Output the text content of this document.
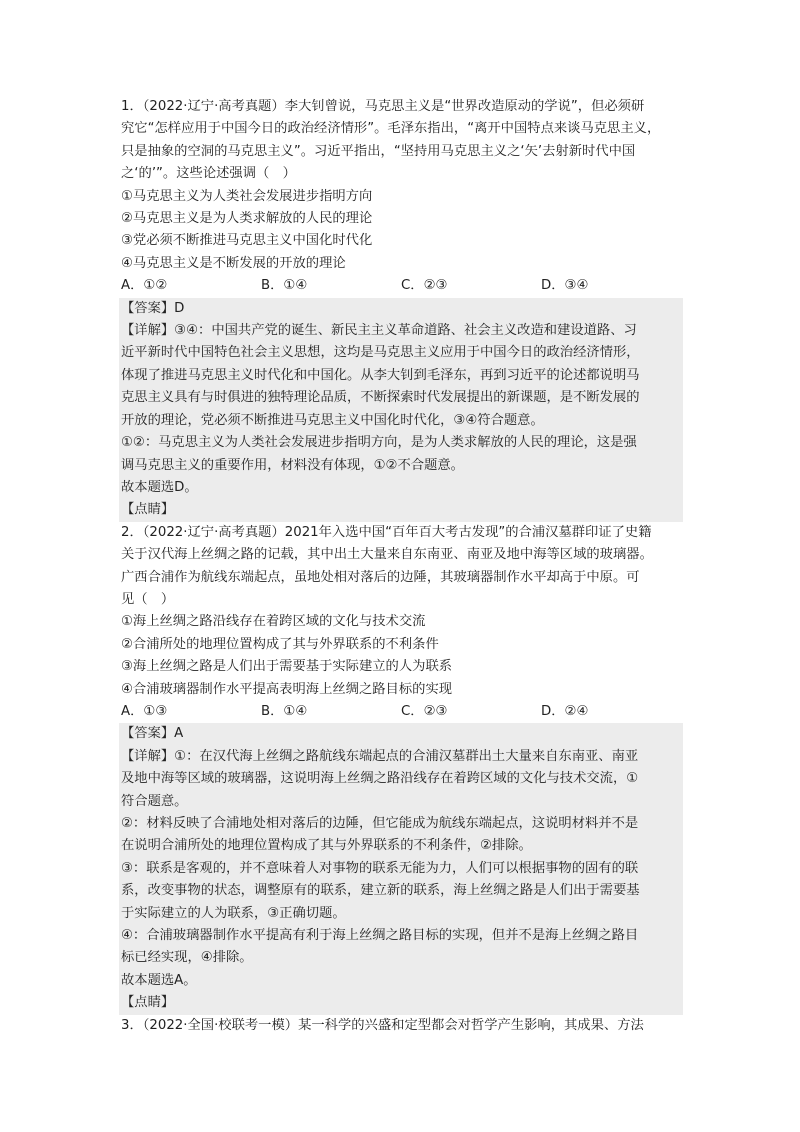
1．（2022·辽宁·高考真题）李大钊曾说，马克思主义是“世界改造原动的学说”，但必须研

究它“怎样应用于中国今日的政治经济情形”。毛泽东指出，“离开中国特点来谈马克思主义，

只是抽象的空洞的马克思主义”。习近平指出，“坚持用马克思主义之‘矢’去射新时代中国

之‘的’”。这些论述强调（　）

①马克思主义为人类社会发展进步指明方向

②马克思主义是为人类求解放的人民的理论

③党必须不断推进马克思主义中国化时代化

④马克思主义是不断发展的开放的理论

A．①②	B．①④	C．②③	D．③④

【答案】D

【详解】③④：中国共产党的诞生、新民主主义革命道路、社会主义改造和建设道路、习

近平新时代中国特色社会主义思想，这均是马克思主义应用于中国今日的政治经济情形，

体现了推进马克思主义时代化和中国化。从李大钊到毛泽东，再到习近平的论述都说明马

克思主义具有与时俱进的独特理论品质，不断探索时代发展提出的新课题，是不断发展的

开放的理论，党必须不断推进马克思主义中国化时代化，③④符合题意。

①②：马克思主义为人类社会发展进步指明方向，是为人类求解放的人民的理论，这是强

调马克思主义的重要作用，材料没有体现，①②不合题意。

故本题选D。

【点睛】

2．（2022·辽宁·高考真题）2021年入选中国“百年百大考古发现”的合浦汉墓群印证了史籍

关于汉代海上丝绸之路的记载，其中出土大量来自东南亚、南亚及地中海等区域的玻璃器。

广西合浦作为航线东端起点，虽地处相对落后的边陲，其玻璃器制作水平却高于中原。可

见（　）

①海上丝绸之路沿线存在着跨区域的文化与技术交流

②合浦所处的地理位置构成了其与外界联系的不利条件

③海上丝绸之路是人们出于需要基于实际建立的人为联系

④合浦玻璃器制作水平提高表明海上丝绸之路目标的实现

A．①③	B．①④	C．②③	D．②④

【答案】A

【详解】①：在汉代海上丝绸之路航线东端起点的合浦汉墓群出土大量来自东南亚、南亚

及地中海等区域的玻璃器，这说明海上丝绸之路沿线存在着跨区域的文化与技术交流，①

符合题意。

②：材料反映了合浦地处相对落后的边陲，但它能成为航线东端起点，这说明材料并不是

在说明合浦所处的地理位置构成了其与外界联系的不利条件，②排除。

③：联系是客观的，并不意味着人对事物的联系无能为力，人们可以根据事物的固有的联

系，改变事物的状态，调整原有的联系，建立新的联系，海上丝绸之路是人们出于需要基

于实际建立的人为联系，③正确切题。

④：合浦玻璃器制作水平提高有利于海上丝绸之路目标的实现，但并不是海上丝绸之路目

标已经实现，④排除。

故本题选A。

【点睛】

3．（2022·全国·校联考一模）某一科学的兴盛和定型都会对哲学产生影响，其成果、方法
